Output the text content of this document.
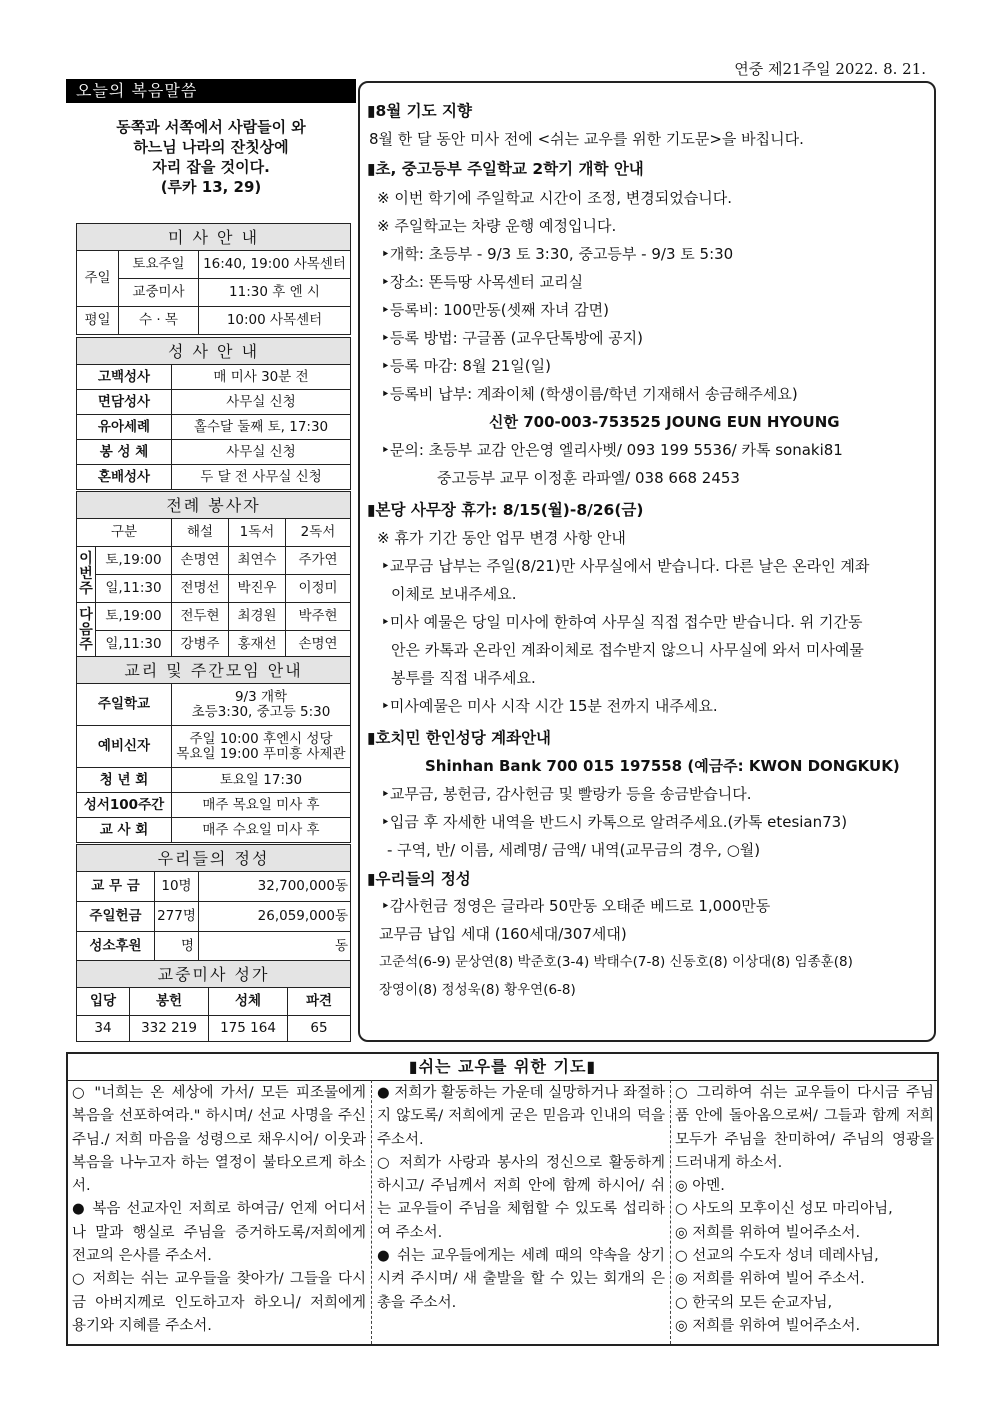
연중 제21주일 2022. 8. 21.
오늘의 복음말씀
동쪽과 서쪽에서 사람들이 와
하느님 나라의 잔칫상에
자리 잡을 것이다.
(루카 13, 29)
미 사 안 내		
주일	토요주일	16:40, 19:00 사목센터
	교중미사	11:30 후 엔 시
평일	수 · 목	10:00 사목센터
성 사 안 내	
고백성사	매 미사 30분 전
면담성사	사무실 신청
유아세례	홀수달 둘째 토, 17:30
봉 성 체	사무실 신청
혼배성사	두 달 전 사무실 신청
전례 봉사자				
구분		해설	1독서	2독서
이번주	토,19:00	손명연	최연수	주가연
	일,11:30	전명선	박진우	이정미
다음주	토,19:00	전두현	최경원	박주현
	일,11:30	강병주	홍재선	손명연
교리 및 주간모임 안내	
주일학교	9/3 개학
초등3:30, 중고등 5:30

예비신자	주일 10:00 후엔시 성당
목요일 19:00 푸미흥 사제관

청 년 회	토요일 17:30
성서100주간	매주 목요일 미사 후
교 사 회	매주 수요일 미사 후
우리들의 정성		
교 무 금	10명	32,700,000동
주일헌금	277명	26,059,000동
성소후원	명	동
교중미사 성가			
입당	봉헌	성체	파견
34	332 219	175 164	65
▮8월 기도 지향
8월 한 달 동안 미사 전에 <쉬는 교우를 위한 기도문>을 바칩니다.
▮초, 중고등부 주일학교 2학기 개학 안내
※ 이번 학기에 주일학교 시간이 조정, 변경되었습니다.
※ 주일학교는 차량 운행 예정입니다.
‣개학: 초등부 - 9/3 토 3:30, 중고등부 - 9/3 토 5:30
‣장소: 똔득땅 사목센터 교리실
‣등록비: 100만동(셋째 자녀 감면)
‣등록 방법: 구글폼 (교우단톡방에 공지)
‣등록 마감: 8월 21일(일)
‣등록비 납부: 계좌이체 (학생이름/학년 기재해서 송금해주세요)
신한 700-003-753525 JOUNG EUN HYOUNG
‣문의: 초등부 교감 안은영 엘리사벳/ 093 199 5536/ 카톡 sonaki81
중고등부 교무 이정훈 라파엘/ 038 668 2453
▮본당 사무장 휴가: 8/15(월)-8/26(금)
※ 휴가 기간 동안 업무 변경 사항 안내
‣교무금 납부는 주일(8/21)만 사무실에서 받습니다. 다른 날은 온라인 계좌
이체로 보내주세요.
‣미사 예물은 당일 미사에 한하여 사무실 직접 접수만 받습니다. 위 기간동
안은 카톡과 온라인 계좌이체로 접수받지 않으니 사무실에 와서 미사예물
봉투를 직접 내주세요.
‣미사예물은 미사 시작 시간 15분 전까지 내주세요.
▮호치민 한인성당 계좌안내
Shinhan Bank 700 015 197558 (예금주: KWON DONGKUK)
‣교무금, 봉헌금, 감사헌금 및 빨랑카 등을 송금받습니다.
‣입금 후 자세한 내역을 반드시 카톡으로 알려주세요.(카톡 etesian73)
- 구역, 반/ 이름, 세례명/ 금액/ 내역(교무금의 경우, ○월)
▮우리들의 정성
‣감사헌금 정영은 글라라 50만동 오태준 베드로 1,000만동
교무금 납입 세대 (160세대/307세대)
고준석(6-9) 문상연(8) 박준호(3-4) 박태수(7-8) 신동호(8) 이상대(8) 임종훈(8)
장영이(8) 정성욱(8) 황우연(6-8)
▮쉬는 교우를 위한 기도▮
○ "너희는 온 세상에 가서/ 모든 피조물에게 복음을 선포하여라." 하시며/ 선교 사명을 주신 주님./ 저희 마음을 성령으로 채우시어/ 이웃과 복음을 나누고자 하는 열정이 불타오르게 하소서.
● 복음 선교자인 저희로 하여금/ 언제 어디서나 말과 행실로 주님을 증거하도록/저희에게 전교의 은사를 주소서.
○ 저희는 쉬는 교우들을 찾아가/ 그들을 다시금 아버지께로 인도하고자 하오니/ 저희에게 용기와 지혜를 주소서.
● 저희가 활동하는 가운데 실망하거나 좌절하지 않도록/ 저희에게 굳은 믿음과 인내의 덕을 주소서.
○ 저희가 사랑과 봉사의 정신으로 활동하게 하시고/ 주님께서 저희 안에 함께 하시어/ 쉬는 교우들이 주님을 체험할 수 있도록 섭리하여 주소서.
● 쉬는 교우들에게는 세례 때의 약속을 상기시켜 주시며/ 새 출발을 할 수 있는 회개의 은총을 주소서.
○ 그리하여 쉬는 교우들이 다시금 주님 품 안에 돌아옴으로써/ 그들과 함께 저희 모두가 주님을 찬미하여/ 주님의 영광을 드러내게 하소서.
◎ 아멘.
○ 사도의 모후이신 성모 마리아님,
◎ 저희를 위하여 빌어주소서.
○ 선교의 수도자 성녀 데레사님,
◎ 저희를 위하여 빌어 주소서.
○ 한국의 모든 순교자님,
◎ 저희를 위하여 빌어주소서.
